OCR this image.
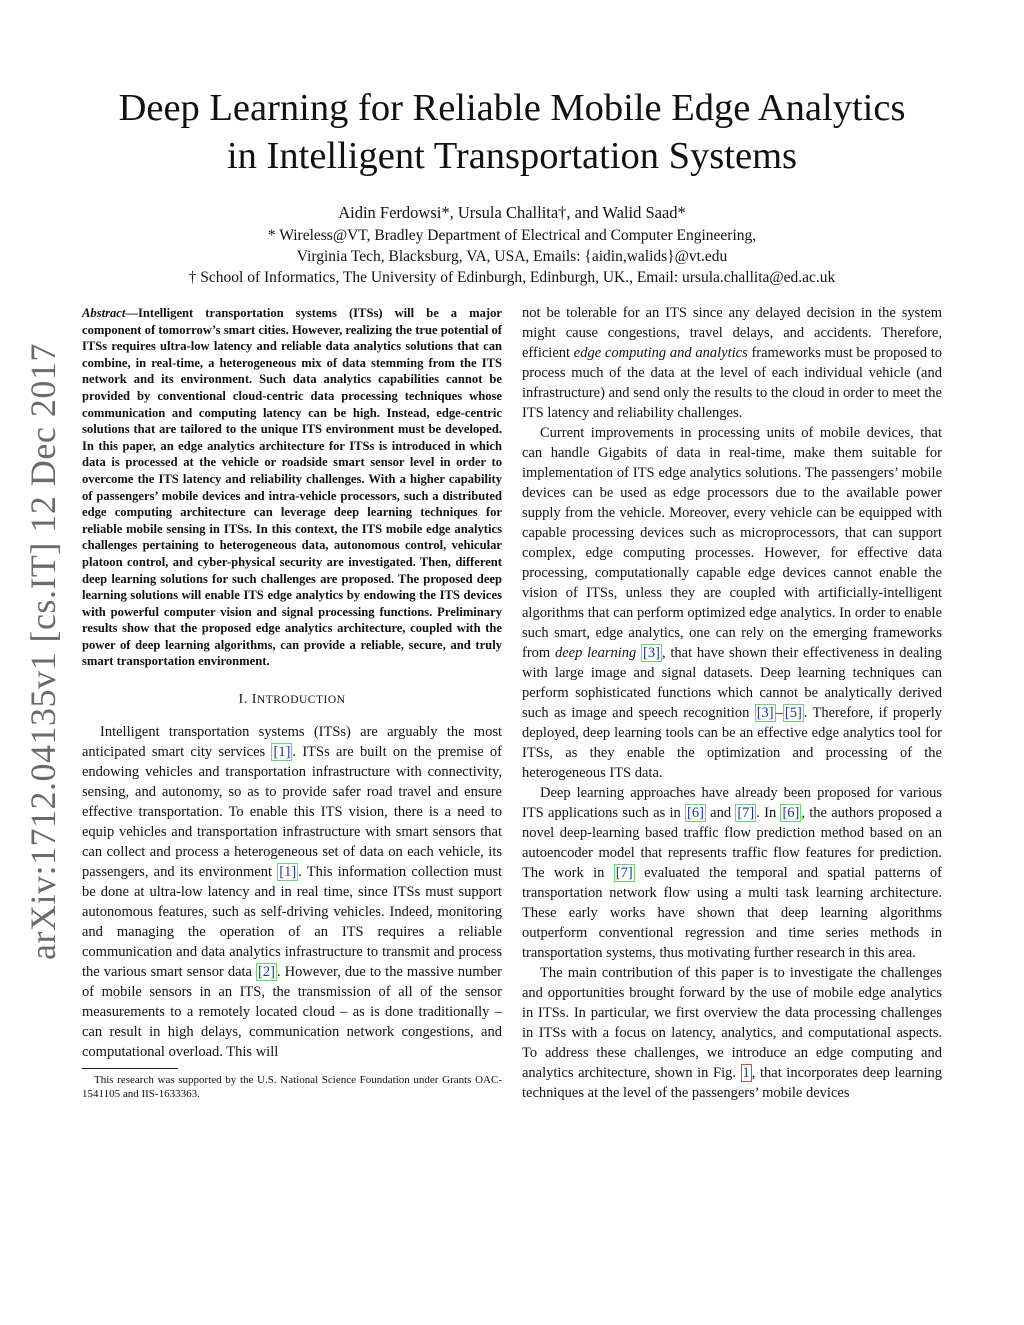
arXiv:1712.04135v1 [cs.IT] 12 Dec 2017
Deep Learning for Reliable Mobile Edge Analytics
in Intelligent Transportation Systems
Aidin Ferdowsi*, Ursula Challita†, and Walid Saad*
* Wireless@VT, Bradley Department of Electrical and Computer Engineering,
Virginia Tech, Blacksburg, VA, USA, Emails: {aidin,walids}@vt.edu
† School of Informatics, The University of Edinburgh, Edinburgh, UK., Email: ursula.challita@ed.ac.uk

Abstract—Intelligent transportation systems (ITSs) will be a major component of tomorrow’s smart cities. However, realizing the true potential of ITSs requires ultra-low latency and reliable data analytics solutions that can combine, in real-time, a heterogeneous mix of data stemming from the ITS network and its environment. Such data analytics capabilities cannot be provided by conventional cloud-centric data processing techniques whose communication and computing latency can be high. Instead, edge-centric solutions that are tailored to the unique ITS environment must be developed. In this paper, an edge analytics architecture for ITSs is introduced in which data is processed at the vehicle or roadside smart sensor level in order to overcome the ITS latency and reliability challenges. With a higher capability of passengers’ mobile devices and intra-vehicle processors, such a distributed edge computing architecture can leverage deep learning techniques for reliable mobile sensing in ITSs. In this context, the ITS mobile edge analytics challenges pertaining to heterogeneous data, autonomous control, vehicular platoon control, and cyber-physical security are investigated. Then, different deep learning solutions for such challenges are proposed. The proposed deep learning solutions will enable ITS edge analytics by endowing the ITS devices with powerful computer vision and signal processing functions. Preliminary results show that the proposed edge analytics architecture, coupled with the power of deep learning algorithms, can provide a reliable, secure, and truly smart transportation environment.

I. INTRODUCTION

Intelligent transportation systems (ITSs) are arguably the most anticipated smart city services [1] . ITSs are built on the premise of endowing vehicles and transportation infrastructure with connectivity, sensing, and autonomy, so as to provide safer road travel and ensure effective transportation. To enable this ITS vision, there is a need to equip vehicles and transportation infrastructure with smart sensors that can collect and process a heterogeneous set of data on each vehicle, its passengers, and its environment [1] . This information collection must be done at ultra-low latency and in real time, since ITSs must support autonomous features, such as self-driving vehicles. Indeed, monitoring and managing the operation of an ITS requires a reliable communication and data analytics infrastructure to transmit and process the various smart sensor data [2] . However, due to the massive number of mobile sensors in an ITS, the transmission of all of the sensor measurements to a remotely located cloud – as is done traditionally – can result in high delays, communication network congestions, and computational overload. This will

This research was supported by the U.S. National Science Foundation under Grants OAC-1541105 and IIS-1633363.

not be tolerable for an ITS since any delayed decision in the system might cause congestions, travel delays, and accidents. Therefore, efficient edge computing and analytics frameworks must be proposed to process much of the data at the level of each individual vehicle (and infrastructure) and send only the results to the cloud in order to meet the ITS latency and reliability challenges.

Current improvements in processing units of mobile devices, that can handle Gigabits of data in real-time, make them suitable for implementation of ITS edge analytics solutions. The passengers’ mobile devices can be used as edge processors due to the available power supply from the vehicle. Moreover, every vehicle can be equipped with capable processing devices such as microprocessors, that can support complex, edge computing processes. However, for effective data processing, computationally capable edge devices cannot enable the vision of ITSs, unless they are coupled with artificially-intelligent algorithms that can perform optimized edge analytics. In order to enable such smart, edge analytics, one can rely on the emerging frameworks from deep learning [3] , that have shown their effectiveness in dealing with large image and signal datasets. Deep learning techniques can perform sophisticated functions which cannot be analytically derived such as image and speech recognition [3] – [5] . Therefore, if properly deployed, deep learning tools can be an effective edge analytics tool for ITSs, as they enable the optimization and processing of the heterogeneous ITS data.

Deep learning approaches have already been proposed for various ITS applications such as in [6] and [7] . In [6] , the authors proposed a novel deep-learning based traffic flow prediction method based on an autoencoder model that represents traffic flow features for prediction. The work in [7] evaluated the temporal and spatial patterns of transportation network flow using a multi task learning architecture. These early works have shown that deep learning algorithms outperform conventional regression and time series methods in transportation systems, thus motivating further research in this area.

The main contribution of this paper is to investigate the challenges and opportunities brought forward by the use of mobile edge analytics in ITSs. In particular, we first overview the data processing challenges in ITSs with a focus on latency, analytics, and computational aspects. To address these challenges, we introduce an edge computing and analytics architecture, shown in Fig. 1 , that incorporates deep learning techniques at the level of the passengers’ mobile devices
